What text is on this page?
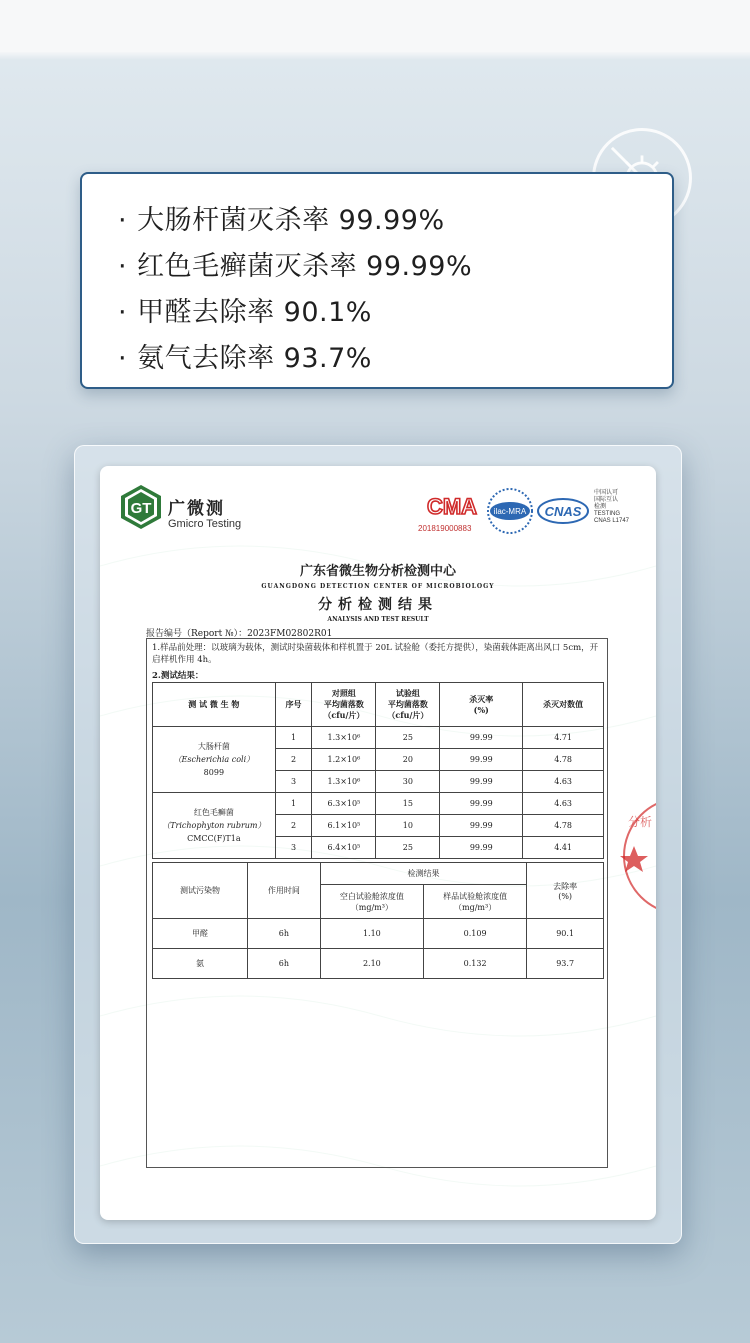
· 大肠杆菌灭杀率 99.99%
· 红色毛癣菌灭杀率 99.99%
· 甲醛去除率 90.1%
· 氨气去除率 93.7%
GT 广微测
Gmicro Testing
CMA
201819000883
ilac-MRA CNAS
中国认可
国际互认
检测
TESTING
CNAS L1747
广东省微生物分析检测中心
GUANGDONG DETECTION CENTER OF MICROBIOLOGY
分析检测结果
ANALYSIS AND TEST RESULT
报告编号（Report №）：2023FM02802R01
1.样品前处理：以玻璃为载体，测试时染菌载体和样机置于 20L 试验舱（委托方提供），染菌载体距离出风口 5cm，开启样机作用 4h。
2.测试结果：
测 试 微 生 物	序号	对照组
平均菌落数
（cfu/片）	试验组
平均菌落数
（cfu/片）	杀灭率
(%)	杀灭对数值

大肠杆菌
（Escherichia coli）
8099	1	1.3×10⁶	25	99.99	4.71
	2	1.2×10⁶	20	99.99	4.78
	3	1.3×10⁶	30	99.99	4.63

红色毛癣菌
（Trichophyton rubrum）
CMCC(F)T1a	1	6.3×10⁵	15	99.99	4.63
	2	6.1×10⁵	10	99.99	4.78
	3	6.4×10⁵	25	99.99	4.41
测试污染物	作用时间	检测结果		去除率
(%)
		空白试验舱浓度值
（mg/m³）	样品试验舱浓度值
（mg/m³）	
甲醛	6h	1.10	0.109	90.1
氨	6h	2.10	0.132	93.7
分析 专用
